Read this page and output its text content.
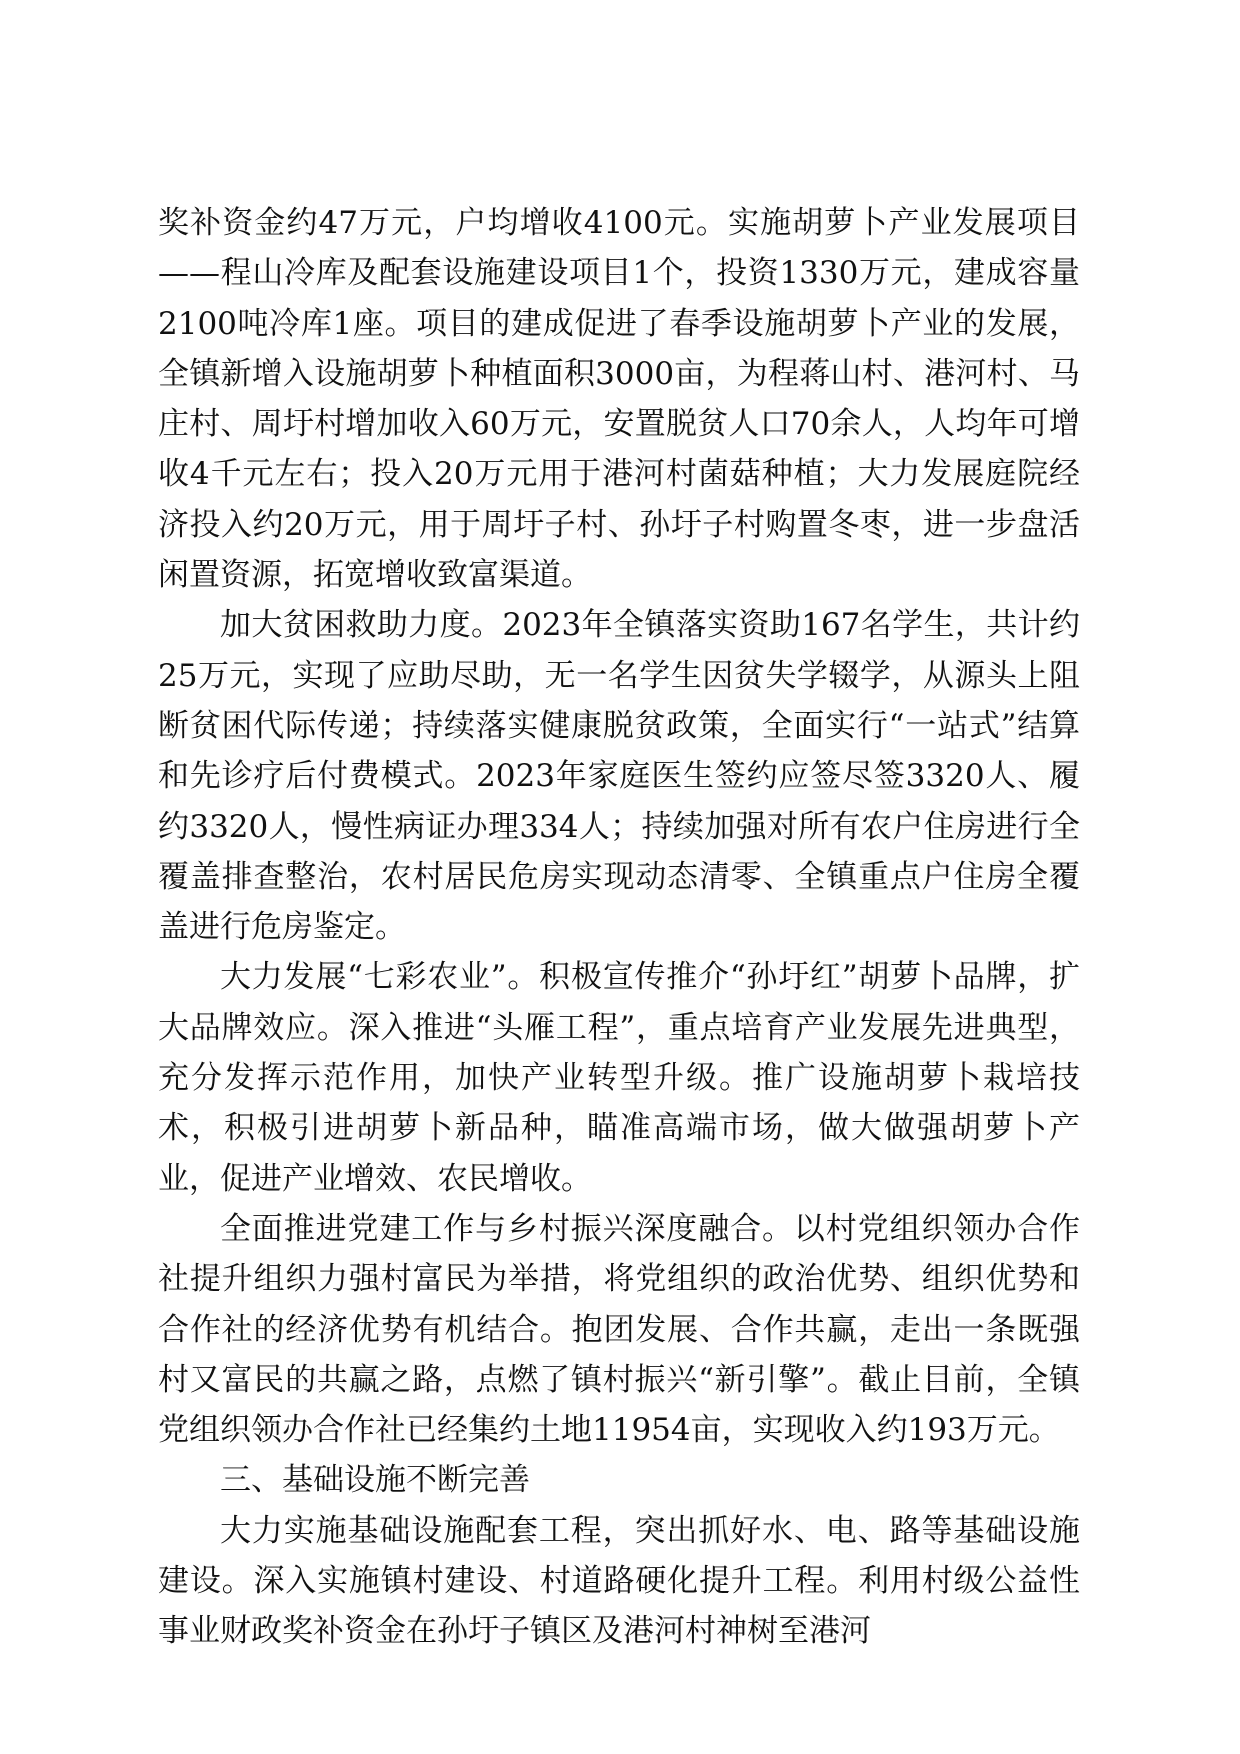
奖补资金约47万元，户均增收4100元。实施胡萝卜产业发展项目——程山冷库及配套设施建设项目1个，投资1330万元，建成容量2100吨冷库1座。项目的建成促进了春季设施胡萝卜产业的发展，全镇新增入设施胡萝卜种植面积3000亩，为程蒋山村、港河村、马庄村、周圩村增加收入60万元，安置脱贫人口70余人，人均年可增收4千元左右；投入20万元用于港河村菌菇种植；大力发展庭院经济投入约20万元，用于周圩子村、孙圩子村购置冬枣，进一步盘活闲置资源，拓宽增收致富渠道。

加大贫困救助力度。2023年全镇落实资助167名学生，共计约25万元，实现了应助尽助，无一名学生因贫失学辍学，从源头上阻断贫困代际传递；持续落实健康脱贫政策，全面实行“一站式”结算和先诊疗后付费模式。2023年家庭医生签约应签尽签3320人、履约3320人，慢性病证办理334人；持续加强对所有农户住房进行全覆盖排查整治，农村居民危房实现动态清零、全镇重点户住房全覆盖进行危房鉴定。

大力发展“七彩农业”。积极宣传推介“孙圩红”胡萝卜品牌，扩大品牌效应。深入推进“头雁工程”，重点培育产业发展先进典型，充分发挥示范作用，加快产业转型升级。推广设施胡萝卜栽培技术，积极引进胡萝卜新品种，瞄准高端市场，做大做强胡萝卜产业，促进产业增效、农民增收。

全面推进党建工作与乡村振兴深度融合。以村党组织领办合作社提升组织力强村富民为举措，将党组织的政治优势、组织优势和合作社的经济优势有机结合。抱团发展、合作共赢，走出一条既强村又富民的共赢之路，点燃了镇村振兴“新引擎”。截止目前，全镇党组织领办合作社已经集约土地11954亩，实现收入约193万元。

三、基础设施不断完善

大力实施基础设施配套工程，突出抓好水、电、路等基础设施建设。深入实施镇村建设、村道路硬化提升工程。利用村级公益性事业财政奖补资金在孙圩子镇区及港河村神树至港河
